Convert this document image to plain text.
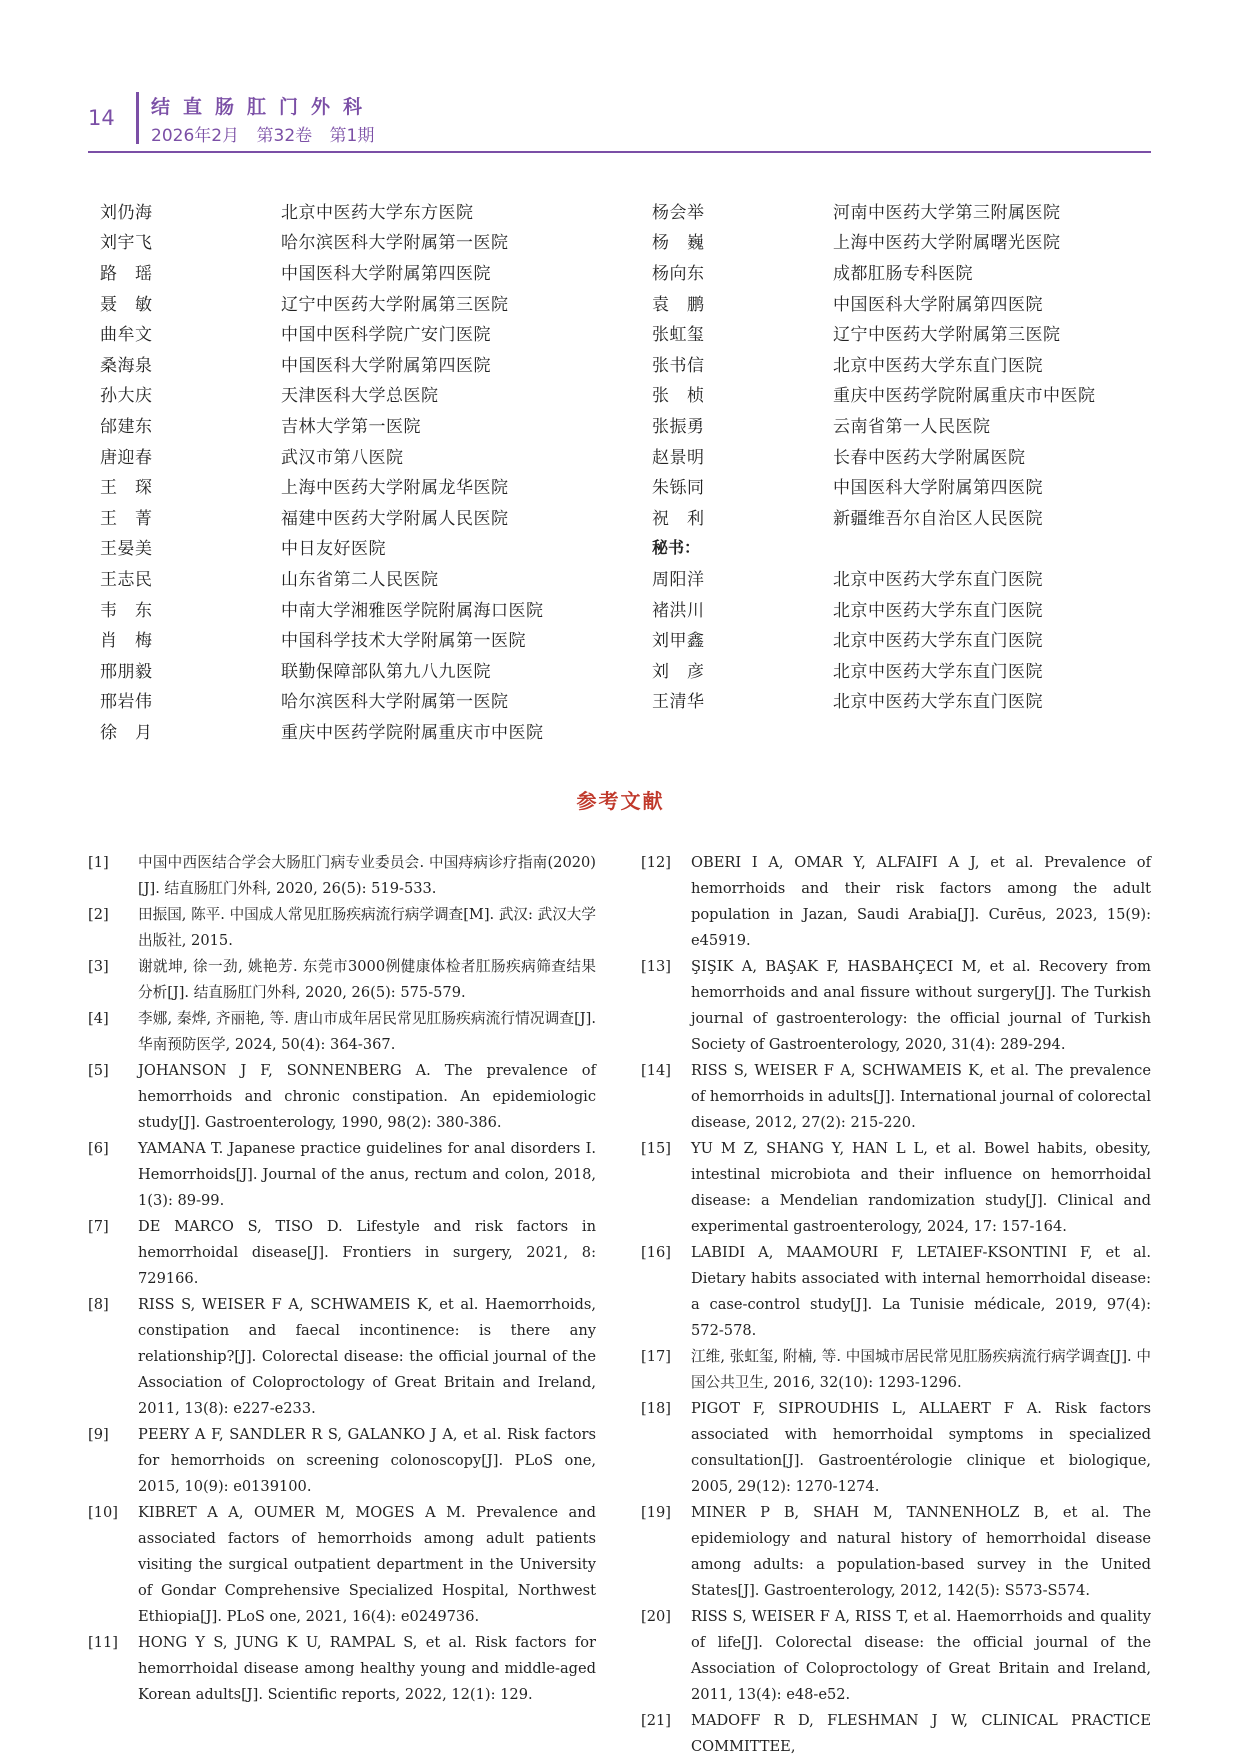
14 结直肠肛门外科
2026年2月 第32卷 第1期
刘仍海	北京中医药大学东方医院
刘宇飞	哈尔滨医科大学附属第一医院
路　瑶	中国医科大学附属第四医院
聂　敏	辽宁中医药大学附属第三医院
曲牟文	中国中医科学院广安门医院
桑海泉	中国医科大学附属第四医院
孙大庆	天津医科大学总医院
邰建东	吉林大学第一医院
唐迎春	武汉市第八医院
王　琛	上海中医药大学附属龙华医院
王　菁	福建中医药大学附属人民医院
王晏美	中日友好医院
王志民	山东省第二人民医院
韦　东	中南大学湘雅医学院附属海口医院
肖　梅	中国科学技术大学附属第一医院
邢朋毅	联勤保障部队第九八九医院
邢岩伟	哈尔滨医科大学附属第一医院
徐　月	重庆中医药学院附属重庆市中医院
杨会举	河南中医药大学第三附属医院
杨　巍	上海中医药大学附属曙光医院
杨向东	成都肛肠专科医院
袁　鹏	中国医科大学附属第四医院
张虹玺	辽宁中医药大学附属第三医院
张书信	北京中医药大学东直门医院
张　桢	重庆中医药学院附属重庆市中医院
张振勇	云南省第一人民医院
赵景明	长春中医药大学附属医院
朱铄同	中国医科大学附属第四医院
祝　利	新疆维吾尔自治区人民医院
秘书：
周阳洋	北京中医药大学东直门医院
褚洪川	北京中医药大学东直门医院
刘甲鑫	北京中医药大学东直门医院
刘　彦	北京中医药大学东直门医院
王清华	北京中医药大学东直门医院
参考文献
[1]	中国中西医结合学会大肠肛门病专业委员会. 中国痔病诊疗指南(2020)[J]. 结直肠肛门外科, 2020, 26(5): 519-533.
[2]	田振国, 陈平. 中国成人常见肛肠疾病流行病学调查[M]. 武汉: 武汉大学出版社, 2015.
[3]	谢就坤, 徐一劲, 姚艳芳. 东莞市3000例健康体检者肛肠疾病筛查结果分析[J]. 结直肠肛门外科, 2020, 26(5): 575-579.
[4]	李娜, 秦烨, 齐丽艳, 等. 唐山市成年居民常见肛肠疾病流行情况调查[J]. 华南预防医学, 2024, 50(4): 364-367.
[5]	JOHANSON J F, SONNENBERG A. The prevalence of hemorrhoids and chronic constipation. An epidemiologic study[J]. Gastroenterology, 1990, 98(2): 380-386.
[6]	YAMANA T. Japanese practice guidelines for anal disorders I. Hemorrhoids[J]. Journal of the anus, rectum and colon, 2018, 1(3): 89-99.
[7]	DE MARCO S, TISO D. Lifestyle and risk factors in hemorrhoidal disease[J]. Frontiers in surgery, 2021, 8: 729166.
[8]	RISS S, WEISER F A, SCHWAMEIS K, et al. Haemorrhoids, constipation and faecal incontinence: is there any relationship?[J]. Colorectal disease: the official journal of the Association of Coloproctology of Great Britain and Ireland, 2011, 13(8): e227-e233.
[9]	PEERY A F, SANDLER R S, GALANKO J A, et al. Risk factors for hemorrhoids on screening colonoscopy[J]. PLoS one, 2015, 10(9): e0139100.
[10]	KIBRET A A, OUMER M, MOGES A M. Prevalence and associated factors of hemorrhoids among adult patients visiting the surgical outpatient department in the University of Gondar Comprehensive Specialized Hospital, Northwest Ethiopia[J]. PLoS one, 2021, 16(4): e0249736.
[11]	HONG Y S, JUNG K U, RAMPAL S, et al. Risk factors for hemorrhoidal disease among healthy young and middle-aged Korean adults[J]. Scientific reports, 2022, 12(1): 129.
[12]	OBERI I A, OMAR Y, ALFAIFI A J, et al. Prevalence of hemorrhoids and their risk factors among the adult population in Jazan, Saudi Arabia[J]. Curēus, 2023, 15(9): e45919.
[13]	ŞIŞIK A, BAŞAK F, HASBAHÇECI M, et al. Recovery from hemorrhoids and anal fissure without surgery[J]. The Turkish journal of gastroenterology: the official journal of Turkish Society of Gastroenterology, 2020, 31(4): 289-294.
[14]	RISS S, WEISER F A, SCHWAMEIS K, et al. The prevalence of hemorrhoids in adults[J]. International journal of colorectal disease, 2012, 27(2): 215-220.
[15]	YU M Z, SHANG Y, HAN L L, et al. Bowel habits, obesity, intestinal microbiota and their influence on hemorrhoidal disease: a Mendelian randomization study[J]. Clinical and experimental gastroenterology, 2024, 17: 157-164.
[16]	LABIDI A, MAAMOURI F, LETAIEF-KSONTINI F, et al. Dietary habits associated with internal hemorrhoidal disease: a case-control study[J]. La Tunisie médicale, 2019, 97(4): 572-578.
[17]	江维, 张虹玺, 附楠, 等. 中国城市居民常见肛肠疾病流行病学调查[J]. 中国公共卫生, 2016, 32(10): 1293-1296.
[18]	PIGOT F, SIPROUDHIS L, ALLAERT F A. Risk factors associated with hemorrhoidal symptoms in specialized consultation[J]. Gastroentérologie clinique et biologique, 2005, 29(12): 1270-1274.
[19]	MINER P B, SHAH M, TANNENHOLZ B, et al. The epidemiology and natural history of hemorrhoidal disease among adults: a population-based survey in the United States[J]. Gastroenterology, 2012, 142(5): S573-S574.
[20]	RISS S, WEISER F A, RISS T, et al. Haemorrhoids and quality of life[J]. Colorectal disease: the official journal of the Association of Coloproctology of Great Britain and Ireland, 2011, 13(4): e48-e52.
[21]	MADOFF R D, FLESHMAN J W, CLINICAL PRACTICE COMMITTEE,
